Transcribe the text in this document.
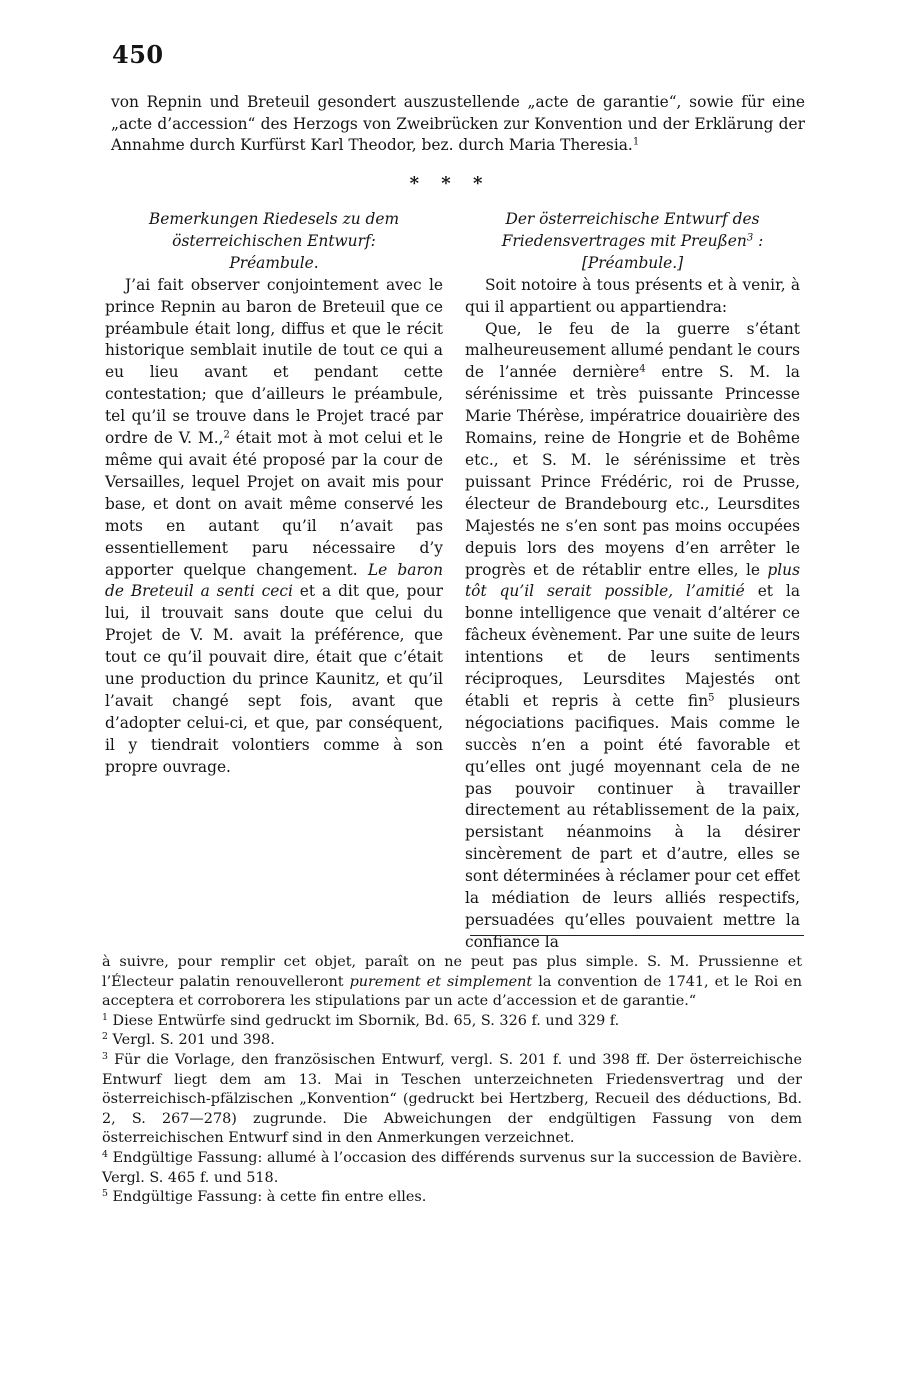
450
von Repnin und Breteuil gesondert auszustellende „acte de garantie“, sowie für eine „acte d’accession“ des Herzogs von Zweibrücken zur Konvention und der Erklärung der Annahme durch Kurfürst Karl Theodor, bez. durch Maria Theresia.$^1$
* * *

Bemerkungen Riedesels zu dem österreichischen Entwurf:

Préambule.

J’ai fait observer conjointement avec le prince Repnin au baron de Breteuil que ce préambule était long, diffus et que le récit historique semblait inutile de tout ce qui a eu lieu avant et pendant cette contestation; que d’ailleurs le préambule, tel qu’il se trouve dans le Projet tracé par ordre de V. M.,$^2$ était mot à mot celui et le même qui avait été proposé par la cour de Versailles, lequel Projet on avait mis pour base, et dont on avait même conservé les mots en autant qu’il n’avait pas essentiellement paru nécessaire d’y apporter quelque changement. Le baron de Breteuil a senti ceci et a dit que, pour lui, il trouvait sans doute que celui du Projet de V. M. avait la préférence, que tout ce qu’il pouvait dire, était que c’était une production du prince Kaunitz, et qu’il l’avait changé sept fois, avant que d’adopter celui-ci, et que, par conséquent, il y tiendrait volontiers comme à son propre ouvrage.

Der österreichische Entwurf des Friedensvertrages mit Preußen$^3$ :

[Préambule.]

Soit notoire à tous présents et à venir, à qui il appartient ou appartiendra:

Que, le feu de la guerre s’étant malheureusement allumé pendant le cours de l’année dernière$^4$ entre S. M. la sérénissime et très puissante Princesse Marie Thérèse, impératrice douairière des Romains, reine de Hongrie et de Bohême etc., et S. M. le sérénissime et très puissant Prince Frédéric, roi de Prusse, électeur de Brandebourg etc., Leursdites Majestés ne s’en sont pas moins occupées depuis lors des moyens d’en arrêter le progrès et de rétablir entre elles, le plus tôt qu’il serait possible, l’amitié et la bonne intelligence que venait d’altérer ce fâcheux évènement. Par une suite de leurs intentions et de leurs sentiments réciproques, Leursdites Majestés ont établi et repris à cette fin$^5$ plusieurs négociations pacifiques. Mais comme le succès n’en a point été favorable et qu’elles ont jugé moyennant cela de ne pas pouvoir continuer à travailler directement au rétablissement de la paix, persistant néanmoins à la désirer sincèrement de part et d’autre, elles se sont déterminées à réclamer pour cet effet la médiation de leurs alliés respectifs, persuadées qu’elles pouvaient mettre la confiance la

à suivre, pour remplir cet objet, paraît on ne peut pas plus simple. S. M. Prussienne et l’Électeur palatin renouvelleront purement et simplement la convention de 1741, et le Roi en acceptera et corroborera les stipulations par un acte d’accession et de garantie.“

$^1$ Diese Entwürfe sind gedruckt im Sbornik, Bd. 65, S. 326 f. und 329 f.

$^2$ Vergl. S. 201 und 398.

$^3$ Für die Vorlage, den französischen Entwurf, vergl. S. 201 f. und 398 ff. Der österreichische Entwurf liegt dem am 13. Mai in Teschen unterzeichneten Friedensvertrag und der österreichisch-pfälzischen „Konvention“ (gedruckt bei Hertzberg, Recueil des déductions, Bd. 2, S. 267—278) zugrunde. Die Abweichungen der endgültigen Fassung von dem österreichischen Entwurf sind in den Anmerkungen verzeichnet.

$^4$ Endgültige Fassung: allumé à l’occasion des différends survenus sur la succession de Bavière. Vergl. S. 465 f. und 518.

$^5$ Endgültige Fassung: à cette fin entre elles.
